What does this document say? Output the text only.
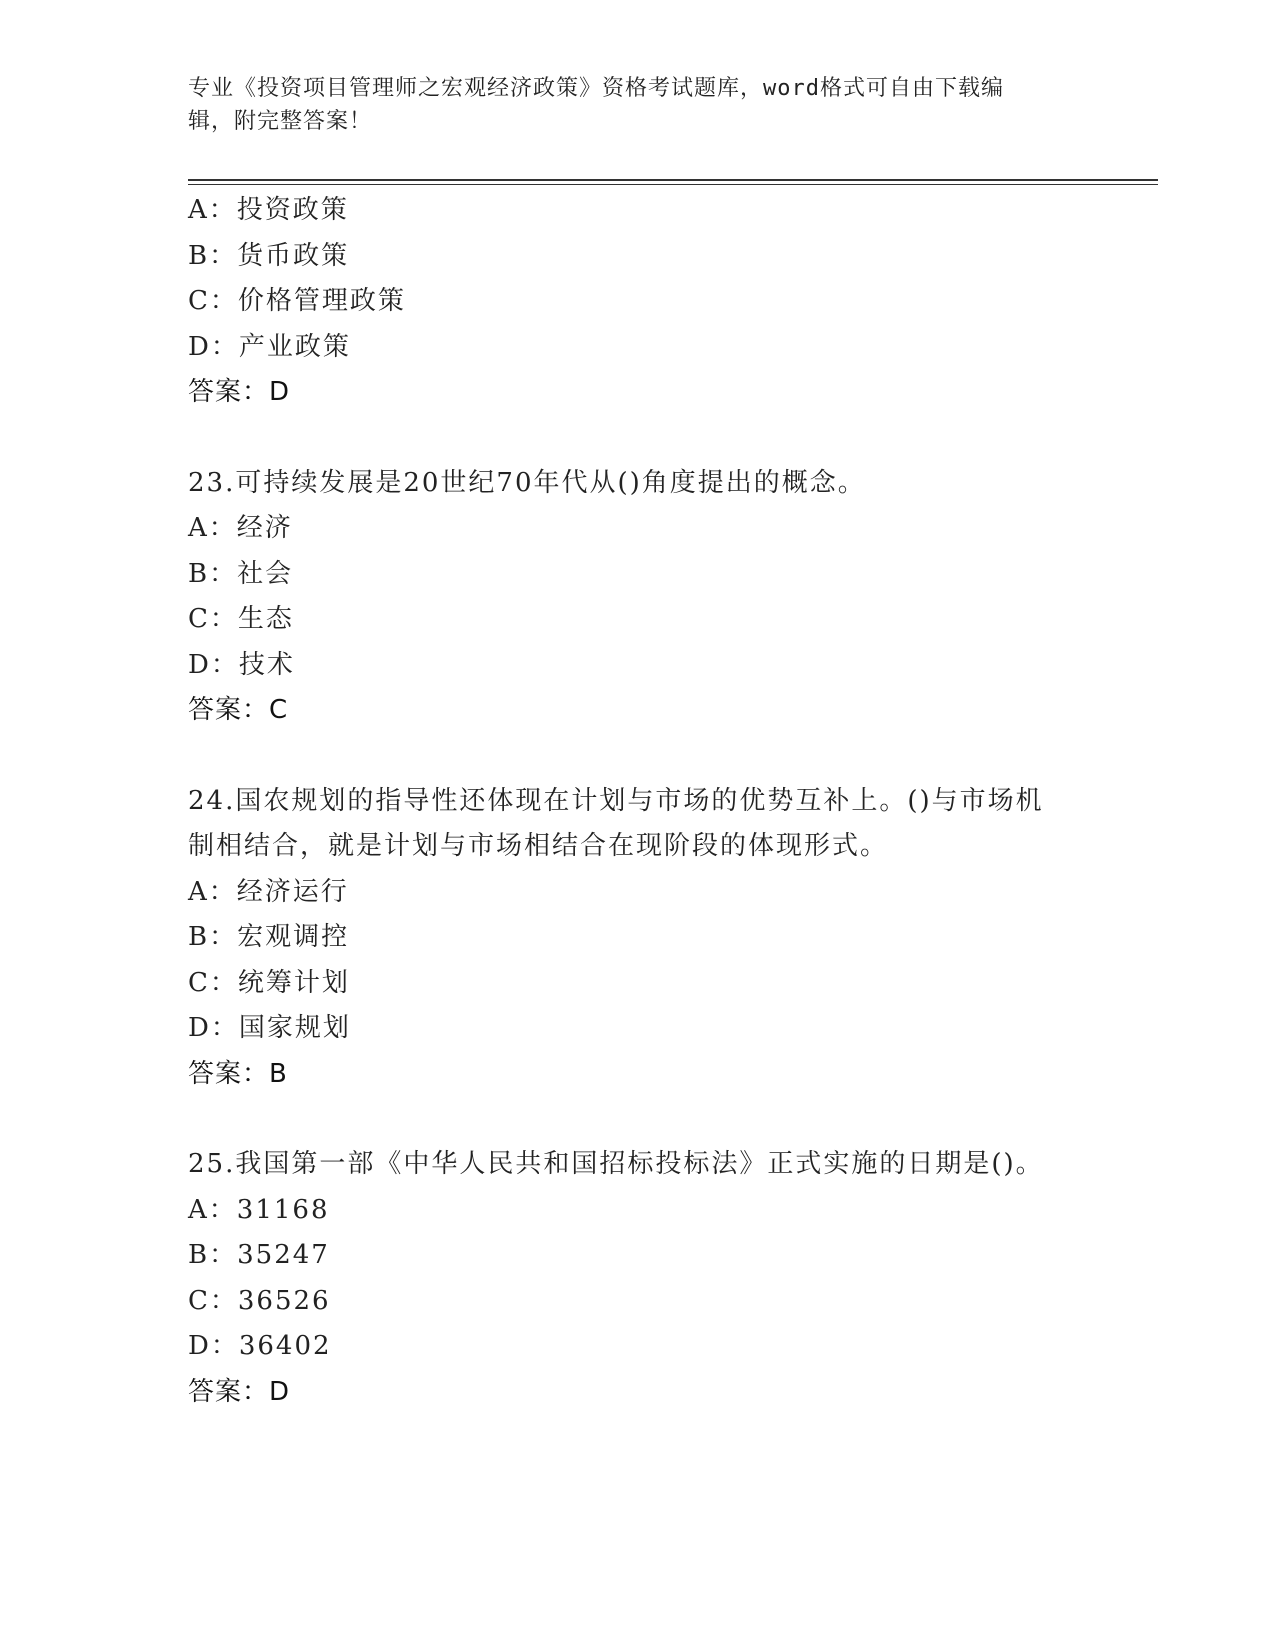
专业《投资项目管理师之宏观经济政策》资格考试题库，word格式可自由下载编
辑，附完整答案！
A：投资政策
B：货币政策
C：价格管理政策
D：产业政策
答案：D
23.可持续发展是20世纪70年代从()角度提出的概念。
A：经济
B：社会
C：生态
D：技术
答案：C
24.国农规划的指导性还体现在计划与市场的优势互补上。()与市场机
制相结合，就是计划与市场相结合在现阶段的体现形式。
A：经济运行
B：宏观调控
C：统筹计划
D：国家规划
答案：B
25.我国第一部《中华人民共和国招标投标法》正式实施的日期是()。
A：31168
B：35247
C：36526
D：36402
答案：D
